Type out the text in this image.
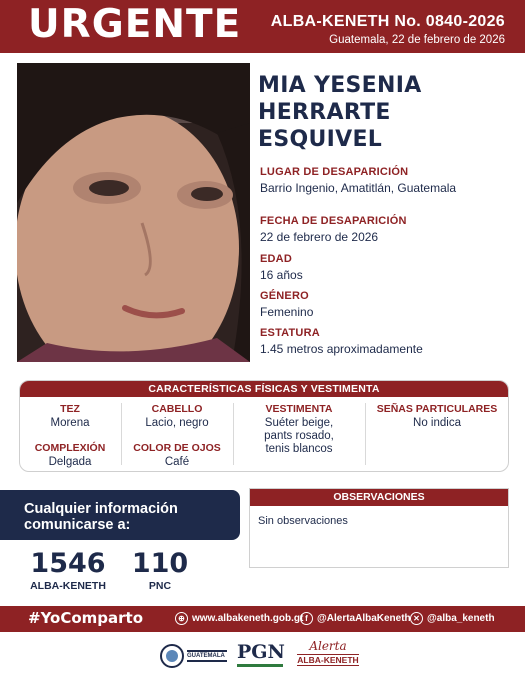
URGENTE ALBA-KENETH No. 0840-2026
Guatemala, 22 de febrero de 2026
MIA YESENIA
HERRARTE
ESQUIVEL
LUGAR DE DESAPARICIÓN
Barrio Ingenio, Amatitlán, Guatemala
FECHA DE DESAPARICIÓN
22 de febrero de 2026
EDAD
16 años
GÉNERO
Femenino
ESTATURA
1.45 metros aproximadamente
CARACTERÍSTICAS FÍSICAS Y VESTIMENTA
TEZ
Morena
COMPLEXIÓN
Delgada
CABELLO
Lacio, negro
COLOR DE OJOS
Café
VESTIMENTA
Suéter beige,
pants rosado,
tenis blancos
SEÑAS PARTICULARES
No indica
Cualquier información
comunicarse a:
1546
ALBA-KENETH
110
PNC
OBSERVACIONES
Sin observaciones
#YoComparto	⊕ www.albakeneth.gob.gt f @AlertaAlbaKeneth ✕ @alba_keneth
GUATEMALA PGN	Alerta
ALBA-KENETH
